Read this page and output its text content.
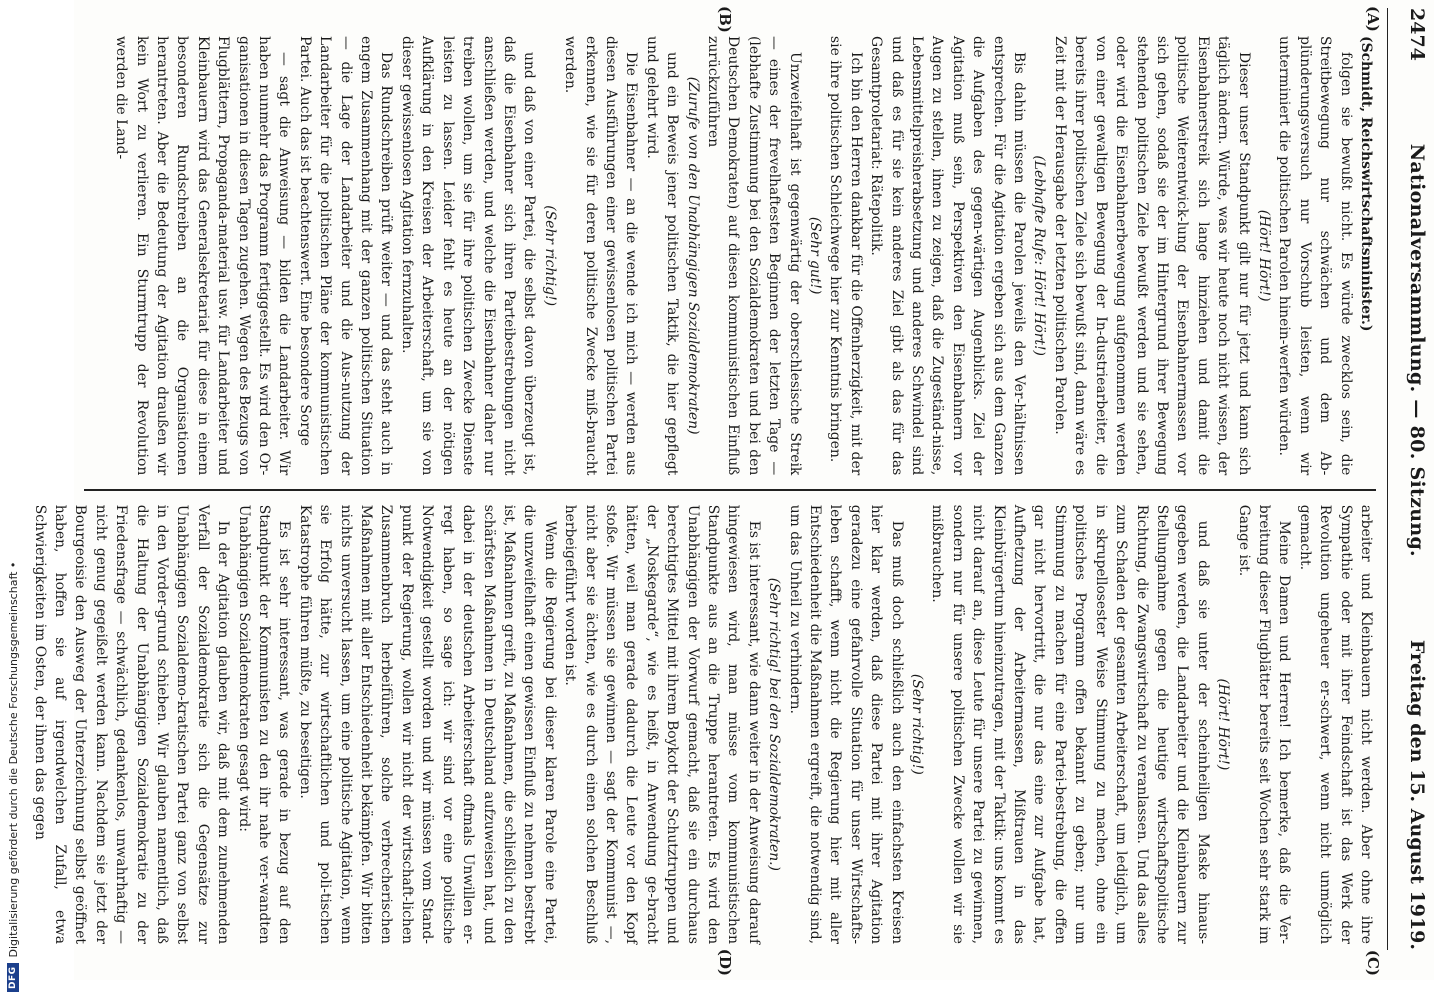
2474
Nationalversammlung. — 80. Sitzung.
Freitag den 15. August 1919.
(A)
(B)
(C)
(D)

(Schmidt, Reichswirtschaftsminister.)

folgen sie bewußt nicht. Es würde zwecklos sein, die Streitbewegung nur schwächen und dem Ab-plünderungsversuch nur Vorschub leisten, wenn wir unterminiert die politischen Parolen hinein-werfen würden.

(Hört! Hört!)

Dieser unser Standpunkt gilt nur für jetzt und kann sich täglich ändern. Würde, was wir heute noch nicht wissen, der Eisenbahnerstreik sich lange hinziehen und damit die politische Weiterentwick-lung der Eisenbahnermassen vor sich gehen, sodaß sie der im Hintergrund ihrer Bewegung stehenden politischen Ziele bewußt werden und sie sehen, oder wird die Eisenbahnerbewegung aufgenommen werden von einer gewaltigen Bewegung der In-dustriearbeiter, die bereits ihrer politischen Ziele sich bewußt sind, dann wäre es Zeit mit der Herausgabe der letzten politischen Parolen.

(Lebhafte Rufe: Hört! Hört!)

Bis dahin müssen die Parolen jeweils den Ver-hältnissen entsprechen. Für die Agitation ergeben sich aus dem Ganzen die Aufgaben des gegen-wärtigen Augenblicks. Ziel der Agitation muß sein, Perspektiven den Eisenbahnern vor Augen zu stellen, ihnen zu zeigen, daß die Zugeständ-nisse, Lebensmittelpreisherabsetzung und anderes Schwindel sind und daß es für sie kein anderes Ziel gibt als das für das Gesamtproletariat: Rätepolitik.

Ich bin den Herren dankbar für die Offenherzigkeit, mit der sie ihre politischen Schleichwege hier zur Kenntnis bringen.

(Sehr gut!)

Unzweifelhaft ist gegenwärtig der oberschlesische Streik — eines der frevelhaftesten Beginnen der letzten Tage — (lebhafte Zustimmung bei den Sozialdemokraten und bei den Deutschen Demokraten) auf diesen kommunistischen Einfluß zurückzuführen

(Zurufe von den Unabhängigen Sozialdemokraten)

und ein Beweis jener politischen Taktik, die hier gepflegt und gelehrt wird.

Die Eisenbahner — an die wende ich mich — werden aus diesen Ausführungen einer gewissenlosen politischen Partei erkennen, wie sie für deren politische Zwecke miß-braucht werden.

(Sehr richtig!)

und daß von einer Partei, die selbst davon überzeugt ist, daß die Eisenbahner sich ihren Parteibestrebungen nicht anschließen werden, und welche die Eisenbahner daher nur treiben wollen, um sie für ihre politischen Zwecke Dienste leisten zu lassen. Leider fehlt es heute an der nötigen Aufklärung in den Kreisen der Arbeiterschaft, um sie von dieser gewissenlosen Agitation fernzuhalten.

Das Rundschreiben prüft weiter — und das steht auch in engem Zusammenhang mit der ganzen politischen Situation — die Lage der Landarbeiter und die Aus-nutzung der Landarbeiter für die politischen Pläne der kommunistischen Partei. Auch das ist beachtenswert. Eine besondere Sorge

— sagt die Anweisung — bilden die Landarbeiter. Wir haben nunmehr das Programm fertiggestellt. Es wird den Or-ganisationen in diesen Tagen zugehen. Wegen des Bezugs von Flugblättern, Propaganda-material usw. für Landarbeiter und Kleinbauern wird das Generalsekretariat für diese in einem besonderen Rundschreiben an die Organisationen herantreten. Aber die Bedeutung der Agitation draußen wir kein Wort zu verlieren. Ein Sturmtrupp der Revolution werden die Land-

arbeiter und Kleinbauern nicht werden. Aber ohne ihre Sympathie oder mit ihrer Feindschaft ist das Werk der Revolution ungeheuer er-schwert, wenn nicht unmöglich gemacht.

Meine Damen und Herren! Ich bemerke, daß die Ver-breitung dieser Flugblätter bereits seit Wochen sehr stark im Gange ist.

(Hört! Hört!)

und daß sie unter der scheinheiligen Maske hinaus-gegeben werden, die Landarbeiter und die Kleinbauern zur Stellungnahme gegen die heutige wirtschaftspolitische Richtung, die Zwangswirtschaft zu veranlassen. Und das alles zum Schaden der gesamten Arbeiterschaft, um lediglich, um in skrupellosester Weise Stimmung zu machen, ohne ein politisches Programm offen bekannt zu geben; nur um Stimmung zu machen für eine Partei-bestrebung, die offen gar nicht hervortritt, die nur das eine zur Aufgabe hat, Aufhetzung der Arbeitermassen, Mißtrauen in das Kleinbürgertum hineinzutragen, mit der Taktik: uns kommt es nicht darauf an, diese Leute für unsere Partei zu gewinnen, sondern nur für unsere politischen Zwecke wollen wir sie mißbrauchen.

(Sehr richtig!)

Das muß doch schließlich auch den einfachsten Kreisen hier klar werden, daß diese Partei mit ihrer Agitation geradezu eine gefahrvolle Situation für unser Wirtschafts-leben schafft, wenn nicht die Regierung hier mit aller Entschiedenheit die Maßnahmen ergreift, die notwendig sind, um das Unheil zu verhindern.

(Sehr richtig! bei den Sozialdemokraten.)

Es ist interessant, wie dann weiter in der Anweisung darauf hingewiesen wird, man müsse vom kommunistischen Standpunkte aus an die Truppe herantreten. Es wird den Unabhängigen der Vorwurf gemacht, daß sie ein durchaus berechtigtes Mittel mit ihrem Boykott der Schutztruppen und der „Noskegarde“, wie es heißt, in Anwendung ge-bracht hätten, weil man gerade dadurch die Leute vor den Kopf stoße. Wir müssen sie gewinnen — sagt der Kommunist —, nicht aber sie ächten, wie es durch einen solchen Beschluß herbeigeführt worden ist.

Wenn die Regierung bei dieser klaren Parole eine Partei, die unzweifelhaft einen gewissen Einfluß zu nehmen bestrebt ist, Maßnahmen greift, zu Maßnahmen, die schließlich zu den schärfsten Maßnahmen in Deutschland aufzuweisen hat, und dabei in der deutschen Arbeiterschaft oftmals Unwillen er-regt haben, so sage ich: wir sind vor eine politische Notwendigkeit gestellt worden und wir müssen vom Stand-punkt der Regierung, wollen wir nicht der wirtschaft-lichen Zusammenbruch herbeiführen, solche verbrecherischen Maßnahmen mit aller Entschiedenheit bekämpfen. Wir bitten nichts unversucht lassen, um eine politische Agitation, wenn sie Erfolg hätte, zur wirtschaftlichen und poli-tischen Katastrophe führen müßte, zu beseitigen.

Es ist sehr interessant, was gerade in bezug auf den Standpunkt der Kommunisten zu den ihr nahe ver-wandten Unabhängigen Sozialdemokraten gesagt wird:

In der Agitation glauben wir, daß mit dem zunehmenden Verfall der Sozialdemokratie sich die Gegensätze zur Unabhängigen Sozialdemo-kratischen Partei ganz von selbst in den Vorder-grund schieben. Wir glauben namentlich, daß die Haltung der Unabhängigen Sozialdemokratie zu der Friedensfrage — schwächlich, gedankenlos, unwahrhaftig — nicht genug gegeißelt werden kann. Nachdem sie jetzt der Bourgeoisie den Ausweg der Unterzeichnung selbst geöffnet haben, hoffen sie auf irgendwelchen Zufall, etwa Schwierigkeiten im Osten, der ihnen das gegen

DFG
Digitalisierung gefördert durch die Deutsche Forschungsgemeinschaft •
